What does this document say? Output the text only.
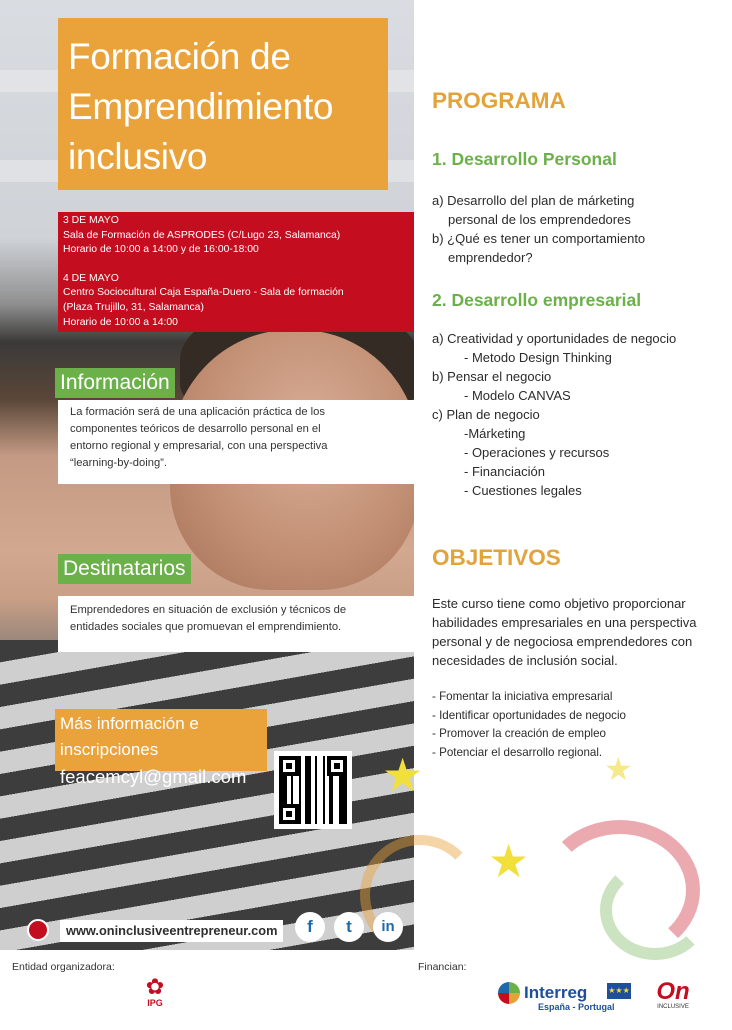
Formación de
Emprendimiento
inclusivo
3 DE MAYO
Sala de Formación de ASPRODES (C/Lugo 23, Salamanca)
Horario de 10:00 a 14:00 y de 16:00-18:00
4 DE MAYO
Centro Sociocultural Caja España-Duero - Sala de formación
(Plaza Trujillo, 31, Salamanca)
Horario de 10:00 a 14:00
Información
La formación será de una aplicación práctica de los
componentes teóricos de desarrollo personal en el
entorno regional y empresarial, con una perspectiva
“learning-by-doing”.
Destinatarios
Emprendedores en situación de exclusión y técnicos de
entidades sociales que promuevan el emprendimiento.
Más información e inscripciones
feacemcyl@gmail.com	★
★
★
www.oninclusiveentrepreneur.com	f	t	in
PROGRAMA
1. Desarrollo Personal
a) Desarrollo del plan de márketing
personal de los emprendedores
b) ¿Qué es tener un comportamiento
emprendedor?
2. Desarrollo empresarial
a) Creatividad y oportunidades de negocio
- Metodo Design Thinking
b) Pensar el negocio
- Modelo CANVAS
c) Plan de negocio
-Márketing
- Operaciones y recursos
- Financiación
- Cuestiones legales
OBJETIVOS
Este curso tiene como objetivo proporcionar
habilidades empresariales en una perspectiva
personal y de negociosa emprendedores con
necesidades de inclusión social.
- Fomentar la iniciativa empresarial
- Identificar oportunidades de negocio
- Promover la creación de empleo
- Potenciar el desarrollo regional.
Entidad organizadora:	Financian:
✿
IPG
Interreg
España - Portugal
★★★ On
INCLUSIVE
